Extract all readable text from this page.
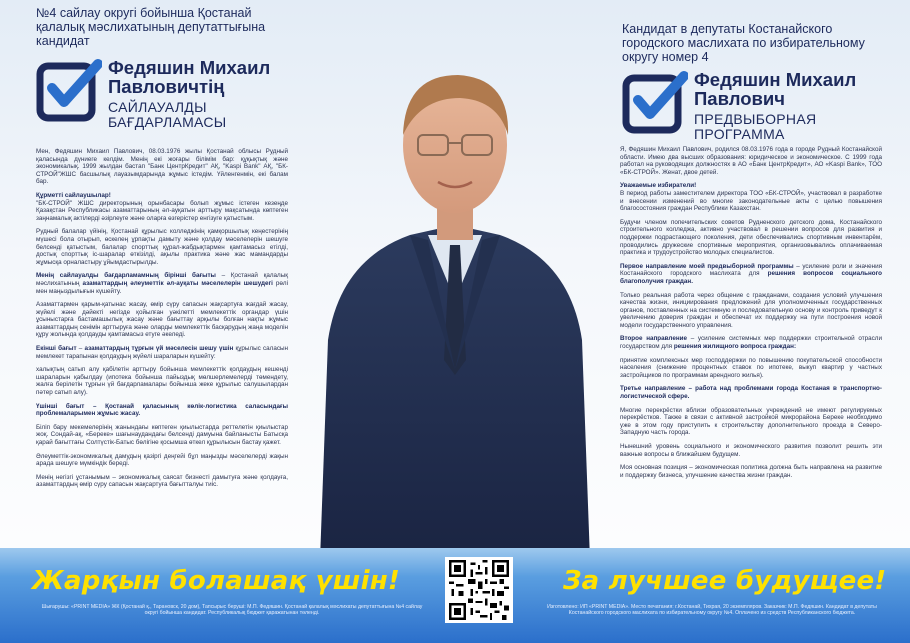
№4 сайлау округі бойынша Қостанай қалалық мәслихатының депутаттығына кандидат
Федяшин Михаил Павловичтің
САЙЛАУАЛДЫ БАҒДАРЛАМАСЫ

Мен, Федяшин Михаил Павлович, 08.03.1976 жылы Қостанай облысы Рудный қаласында дүниеге келдім. Менің екі жоғары білімім бар: құқықтық және экономикалық. 1999 жылдан бастап "Банк ЦентрКредит" АҚ, "Kaspi Bank" АҚ, "БК-СТРОЙ"ЖШС басшылық лауазымдарында жұмыс істедім. Үйленгенмін, екі балам бар.

Құрметті сайлаушылар!
"БК-СТРОЙ" ЖШС директорының орынбасары болып жұмыс істеген кезеңде Қазақстан Республикасы азаматтарының әл-ауқатын арттыру мақсатында көптеген заңнамалық актілерді әзірлеуге және оларға өзгерістер енгізуге қатыстым.

Рудный балалар үйінің, Қостанай құрылыс колледжінің қамқоршылық кеңестерінің мүшесі бола отырып, өскелең ұрпақты дамыту және қолдау мәселелерін шешуге белсенді қатыстым, балалар спорттық құрал-жабдықтармен қамтамасыз етілді, достық спорттық іс-шаралар өткізілді, ақылы практика және жас мамандарды жұмысқа орналастыру ұйымдастырылды.

Менің сайлауалды бағдарламамның бірінші бағыты – Қостанай қалалық мәслихатының азаматтардың әлеуметтік әл-ауқаты мәселелерін шешудегі рөлі мен маңыздылығын күшейту.

Азаматтармен қарым-қатынас жасау, өмір сүру сапасын жақсартуға жағдай жасау, жүйелі және дәйекті негізде қойылған уәкілетті мемлекеттік органдар үшін ұсыныстарға бастамашылық жасау және бағыттау арқылы болған нақты жұмыс азаматтардың сенімін арттыруға және оларды мемлекеттік басқарудың жаңа моделін құру жолында қолдауды қамтамасыз етуге әкеледі.

Екінші бағыт – азаматтардың тұрғын үй мәселесін шешу үшін құрылыс саласын мемлекет тарапынан қолдаудың жүйелі шараларын күшейту:

халықтың сатып алу қабілетін арттыру бойынша мемлекеттік қолдаудың кешенді шараларын қабылдау (ипотека бойынша пайыздық мөлшерлемелерді төмендету, жалға берілетін тұрғын үй бағдарламалары бойынша жеке құрылыс салушылардан пәтер сатып алу).

Үшінші бағыт – Қостанай қаласының көлік-логистика саласындағы проблемаларымен жұмыс жасау.

Біліп бару мекемелерінің жанындағы көптеген қиылыстарда реттелетін қиылыстар жоқ. Сондай-ақ, «Береке» шағынаудандағы белсенді дамуына байланысты Батысқа қарай бағыттағы Солтүстік-Батыс бөлігіне қосымша өткел құрылысын бастау қажет.

Әлеуметтік-экономикалық дамудың қазіргі деңгейі бұл маңызды мәселелерді жақын арада шешуге мүмкіндік береді.

Менің негізгі ұстанымым – экономикалық саясат бизнесті дамытуға және қолдауға, азаматтардың өмір сүру сапасын жақсартуға бағытталуы тиіс.

Кандидат в депутаты Костанайского городского маслихата по избирательному округу номер 4
Федяшин Михаил Павлович
ПРЕДВЫБОРНАЯ ПРОГРАММА

Я, Федяшин Михаил Павлович, родился 08.03.1976 года в городе Рудный Костанайской области. Имею два высших образования: юридическое и экономическое. С 1999 года работал на руководящих должностях в АО «Банк ЦентрКредит», АО «Kaspi Bank», ТОО «БК-СТРОЙ». Женат, двое детей.

Уважаемые избиратели!
В период работы заместителем директора ТОО «БК-СТРОЙ», участвовал в разработке и внесении изменений во многие законодательные акты с целью повышения благосостояния граждан Республики Казахстан.

Будучи членом попечительских советов Рудненского детского дома, Костанайского строительного колледжа, активно участвовал в решении вопросов для развития и поддержки подрастающего поколения, дети обеспечивались спортивным инвентарём, проводились дружеские спортивные мероприятия, организовывались оплачиваемая практика и трудоустройство молодых специалистов.

Первое направление моей предвыборной программы – усиление роли и значения Костанайского городского маслихата для решения вопросов социального благополучия граждан.

Только реальная работа через общение с гражданами, создания условий улучшения качества жизни, инициирования предложений для уполномоченных государственных органов, поставленных на системную и последовательную основу и контроль приведут к увеличению доверия граждан и обеспечат их поддержку на пути построения новой модели государственного управления.

Второе направление – усиление системных мер поддержки строительной отрасли государством для решения жилищного вопроса граждан:

принятие комплексных мер господдержки по повышению покупательской способности населения (снижение процентных ставок по ипотеке, выкуп квартир у частных застройщиков по программам арендного жилья).

Третье направление – работа над проблемами города Костаная в транспортно-логистической сфере.

Многие перекрёстки вблизи образовательных учреждений не имеют регулируемых перекрёстков. Также в связи с активной застройкой микрорайона Береке необходимо уже в этом году приступить к строительству дополнительного проезда в Северо-Западную часть города.

Нынешний уровень социального и экономического развития позволит решить эти важные вопросы в ближайшем будущем.

Моя основная позиция – экономическая политика должна быть направлена на развитие и поддержку бизнеса, улучшение качества жизни граждан.

Жарқын болашақ үшін!	За лучшее будущее!
Шығарушы: «PRINT MEDIA» ЖК (Қостанай қ., Тарановск, 20 дом), Тапсырыс берушi: М.П. Федяшин. Қостанай қалалық мәслихаты депутаттығына №4 сайлау округі бойынша кандидат. Республикалық бюджет қаражатынан төленді.
Изготовлено: ИП «PRINT MEDIA». Место печатания: г.Костанай, Тихрая, 20 экземпляров. Заказчик: М.П. Федяшин. Кандидат в депутаты Костанайского городского маслихата по избирательному округу №4. Оплачено из средств Республиканского бюджета.
